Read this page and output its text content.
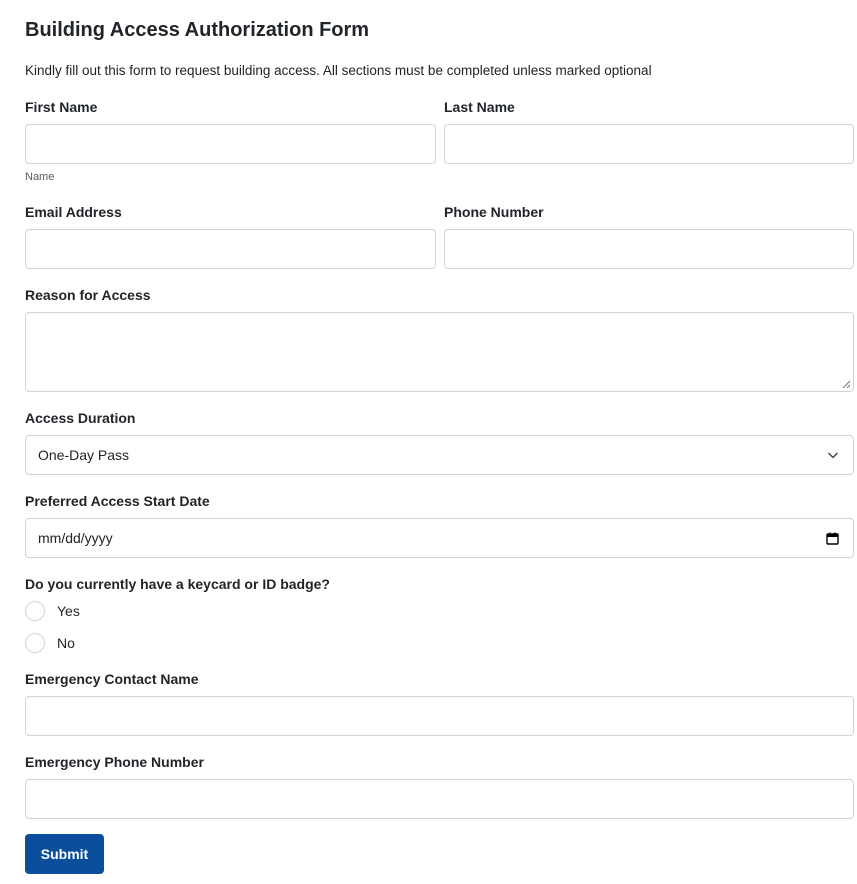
Building Access Authorization Form
Kindly fill out this form to request building access. All sections must be completed unless marked optional
First Name
Name
Last Name
Email Address	Phone Number
Reason for Access
Access Duration
One-Day Pass
Preferred Access Start Date
mm/dd/yyyy
Do you currently have a keycard or ID badge?
Yes
No
Emergency Contact Name
Emergency Phone Number
Submit
